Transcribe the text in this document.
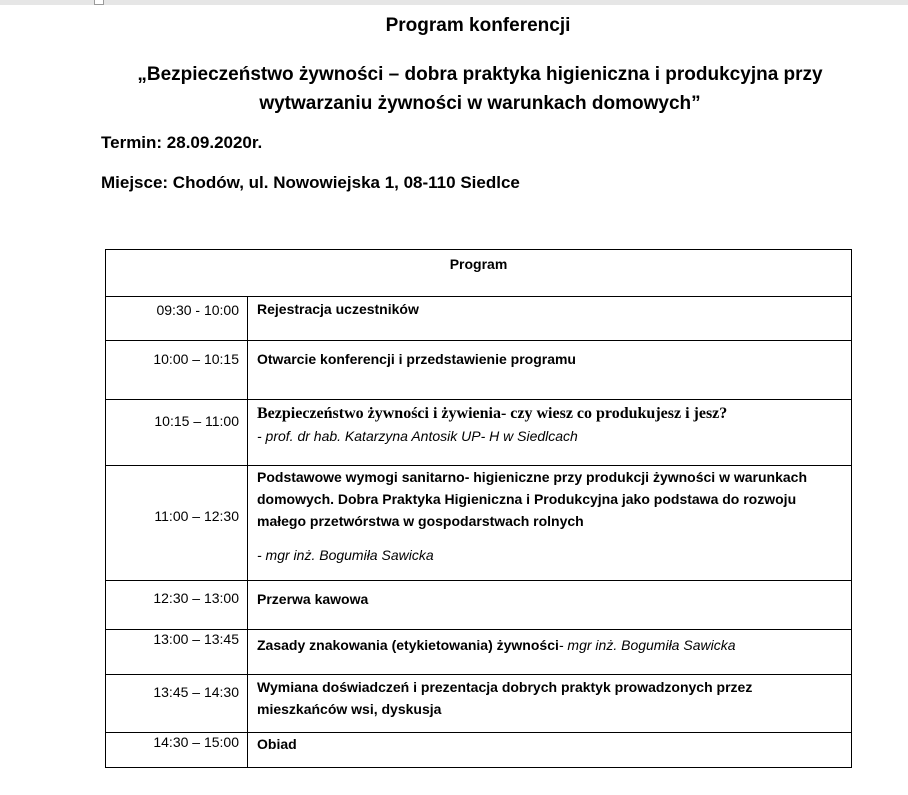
Program konferencji
„Bezpieczeństwo żywności – dobra praktyka higieniczna i produkcyjna przy
wytwarzaniu żywności w warunkach domowych”
Termin: 28.09.2020r.
Miejsce: Chodów, ul. Nowowiejska 1, 08-110 Siedlce
Program	
09:30 - 10:00	Rejestracja uczestników
10:00 – 10:15	Otwarcie konferencji i przedstawienie programu
10:15 – 11:00	Bezpieczeństwo żywności i żywienia- czy wiesz co produkujesz i jesz?
- prof. dr hab. Katarzyna Antosik UP- H w Siedlcach

11:00 – 12:30	Podstawowe wymogi sanitarno- higieniczne przy produkcji żywności w warunkach domowych. Dobra Praktyka Higieniczna i Produkcyjna jako podstawa do rozwoju małego przetwórstwa w gospodarstwach rolnych
- mgr inż. Bogumiła Sawicka

12:30 – 13:00	Przerwa kawowa
13:00 – 13:45	Zasady znakowania (etykietowania) żywności- mgr inż. Bogumiła Sawicka
13:45 – 14:30	Wymiana doświadczeń i prezentacja dobrych praktyk prowadzonych przez mieszkańców wsi, dyskusja
14:30 – 15:00	Obiad
